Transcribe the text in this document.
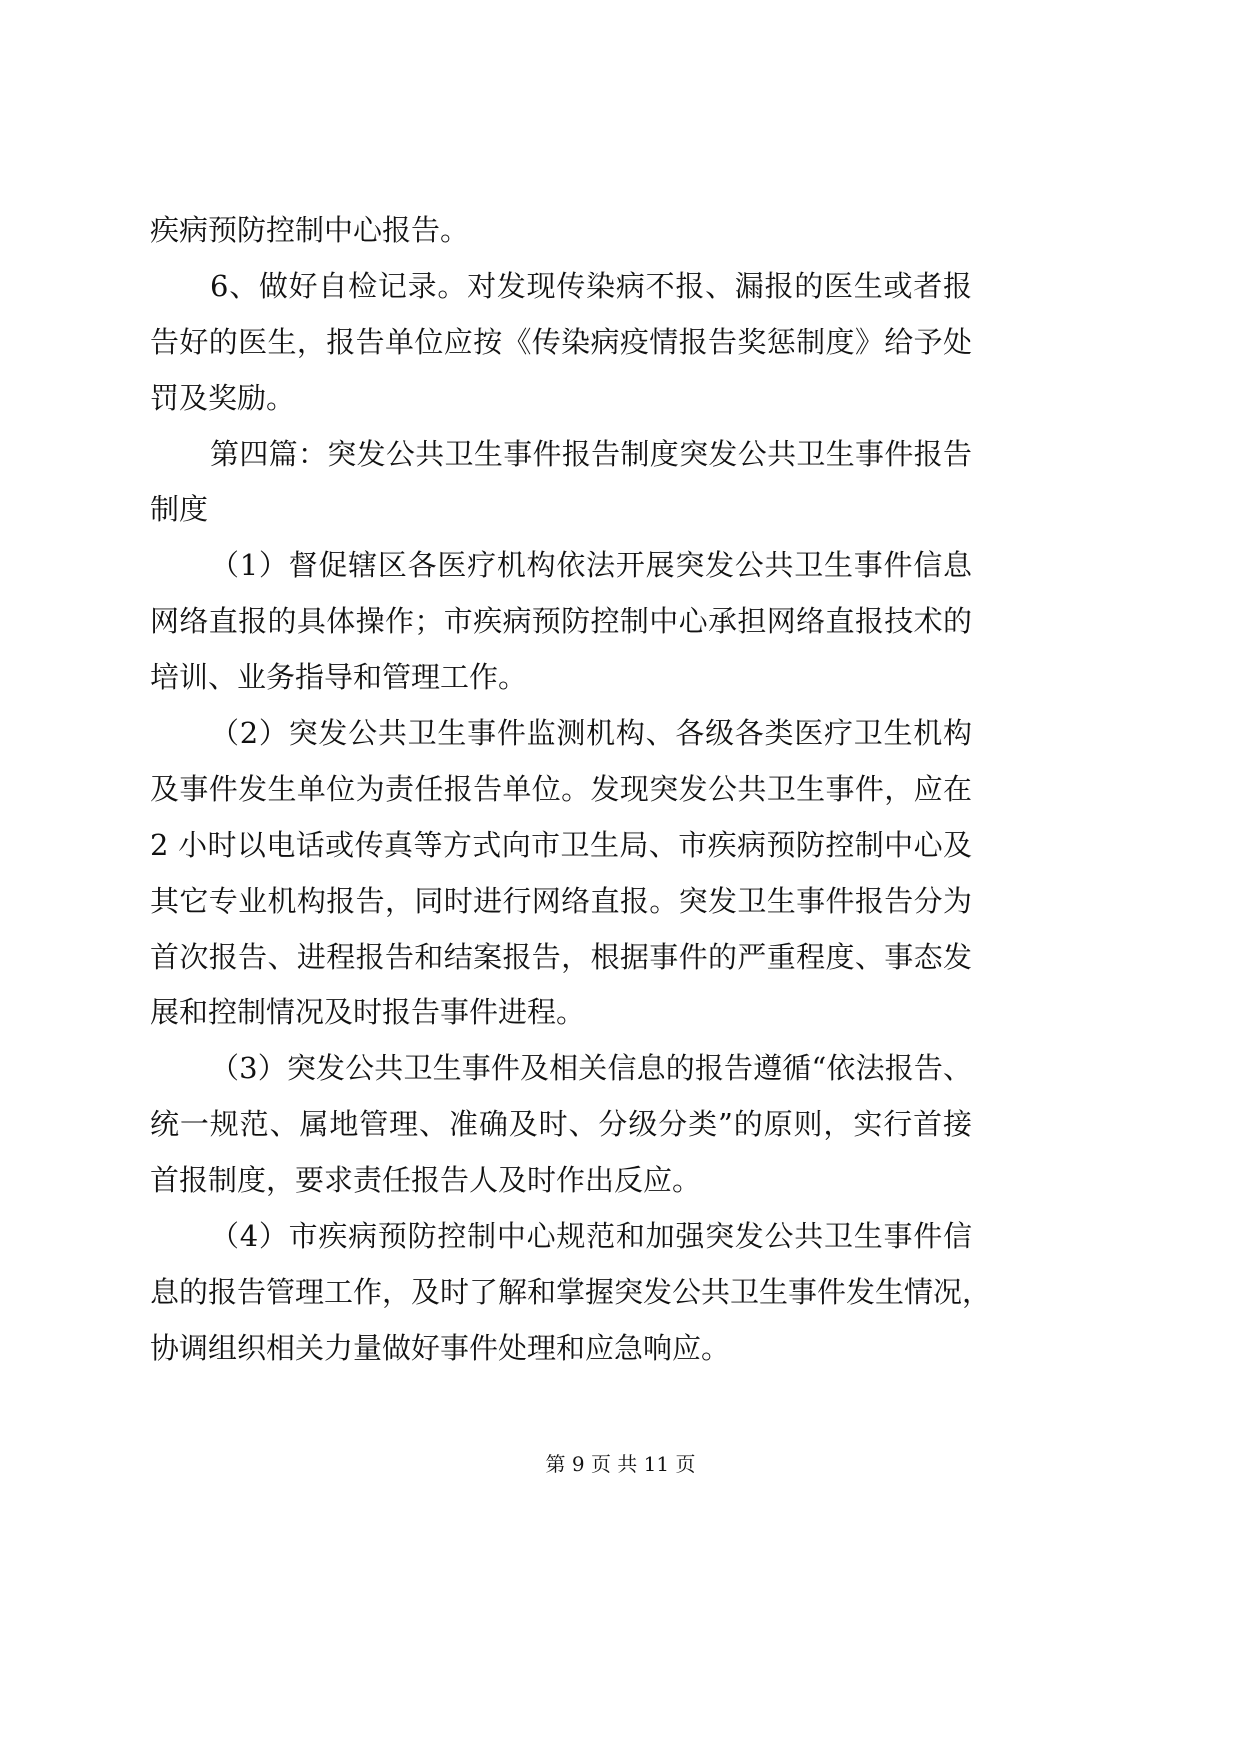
疾病预防控制中心报告。
6、做好自检记录。对发现传染病不报、漏报的医生或者报
告好的医生，报告单位应按《传染病疫情报告奖惩制度》给予处
罚及奖励。
第四篇：突发公共卫生事件报告制度突发公共卫生事件报告
制度
（1）督促辖区各医疗机构依法开展突发公共卫生事件信息
网络直报的具体操作；市疾病预防控制中心承担网络直报技术的
培训、业务指导和管理工作。
（2）突发公共卫生事件监测机构、各级各类医疗卫生机构
及事件发生单位为责任报告单位。发现突发公共卫生事件，应在
2 小时以电话或传真等方式向市卫生局、市疾病预防控制中心及
其它专业机构报告，同时进行网络直报。突发卫生事件报告分为
首次报告、进程报告和结案报告，根据事件的严重程度、事态发
展和控制情况及时报告事件进程。
（3）突发公共卫生事件及相关信息的报告遵循“依法报告、
统一规范、属地管理、准确及时、分级分类”的原则，实行首接
首报制度，要求责任报告人及时作出反应。
（4）市疾病预防控制中心规范和加强突发公共卫生事件信
息的报告管理工作，及时了解和掌握突发公共卫生事件发生情况，
协调组织相关力量做好事件处理和应急响应。
第 9 页 共 11 页
